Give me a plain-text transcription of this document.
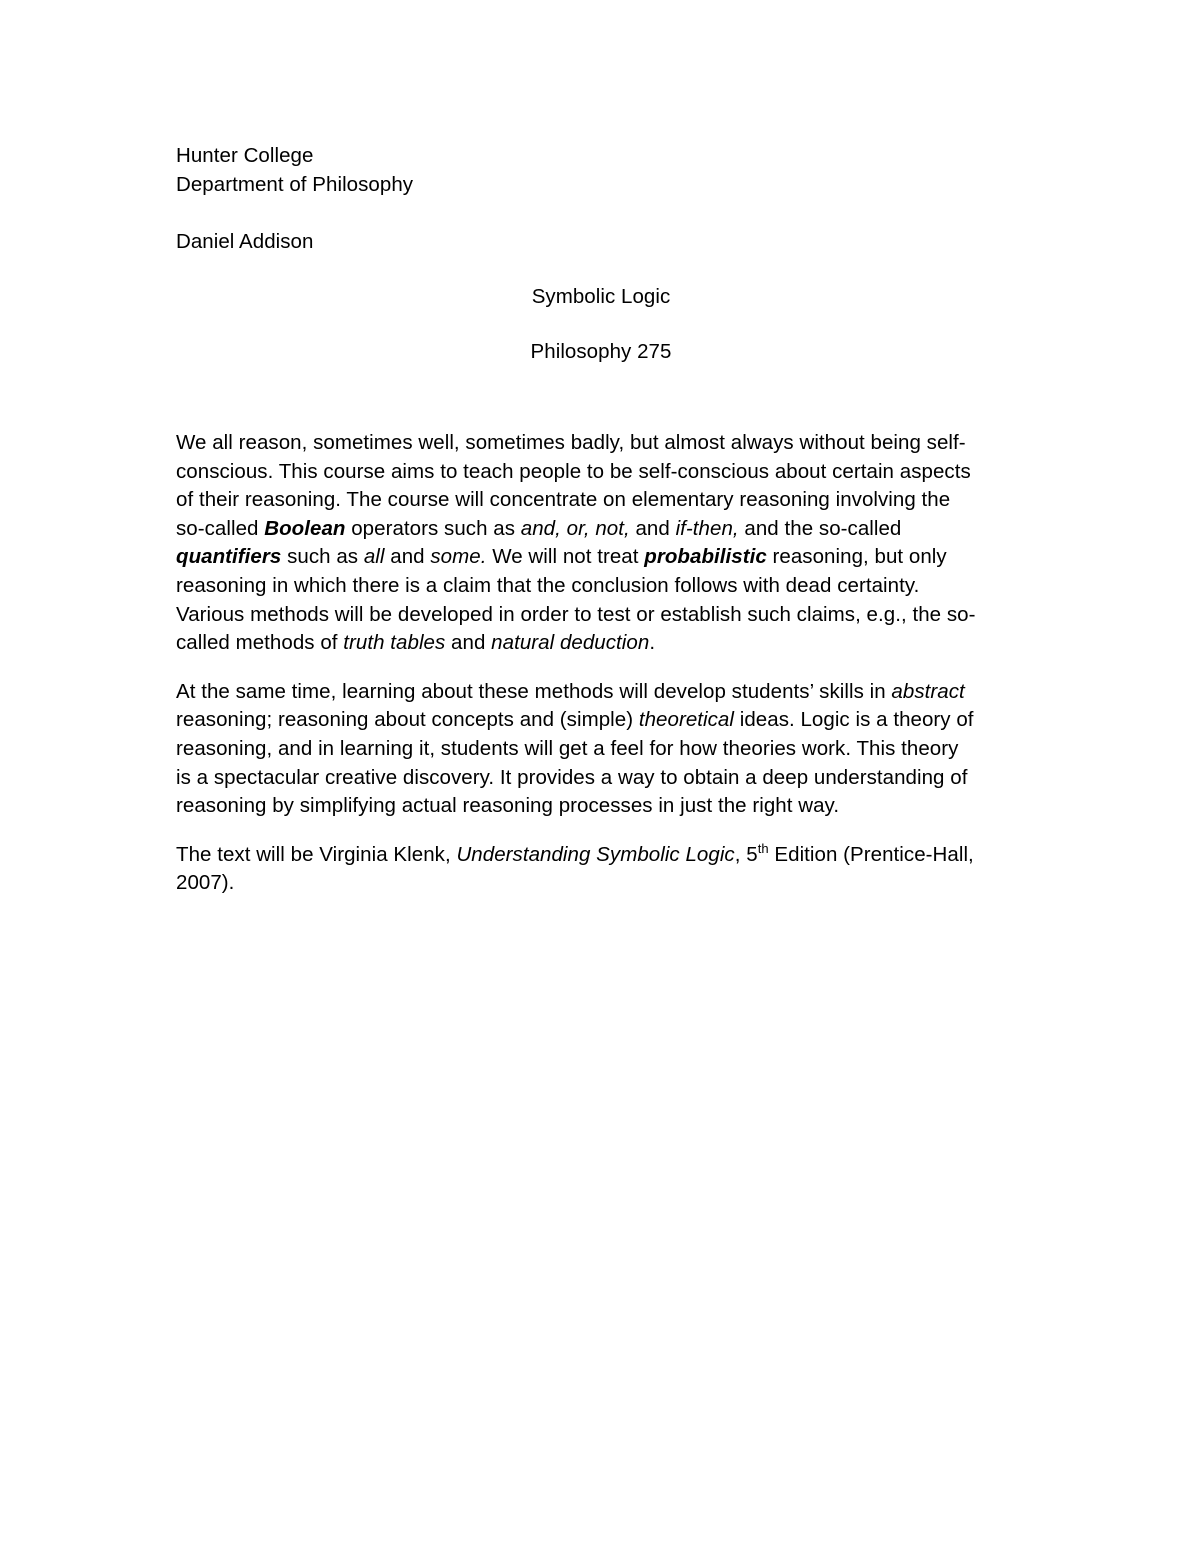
Hunter College
Department of Philosophy
Daniel Addison
Symbolic Logic
Philosophy 275
We all reason, sometimes well, sometimes badly, but almost always without being self-
conscious. This course aims to teach people to be self-conscious about certain aspects
of their reasoning. The course will concentrate on elementary reasoning involving the
so-called Boolean operators such as and, or, not, and if-then, and the so-called
quantifiers such as all and some. We will not treat probabilistic reasoning, but only
reasoning in which there is a claim that the conclusion follows with dead certainty.
Various methods will be developed in order to test or establish such claims, e.g., the so-
called methods of truth tables and natural deduction.
At the same time, learning about these methods will develop students’ skills in abstract
reasoning; reasoning about concepts and (simple) theoretical ideas. Logic is a theory of
reasoning, and in learning it, students will get a feel for how theories work. This theory
is a spectacular creative discovery. It provides a way to obtain a deep understanding of
reasoning by simplifying actual reasoning processes in just the right way.
The text will be Virginia Klenk, Understanding Symbolic Logic, 5th Edition (Prentice-Hall,
2007).
